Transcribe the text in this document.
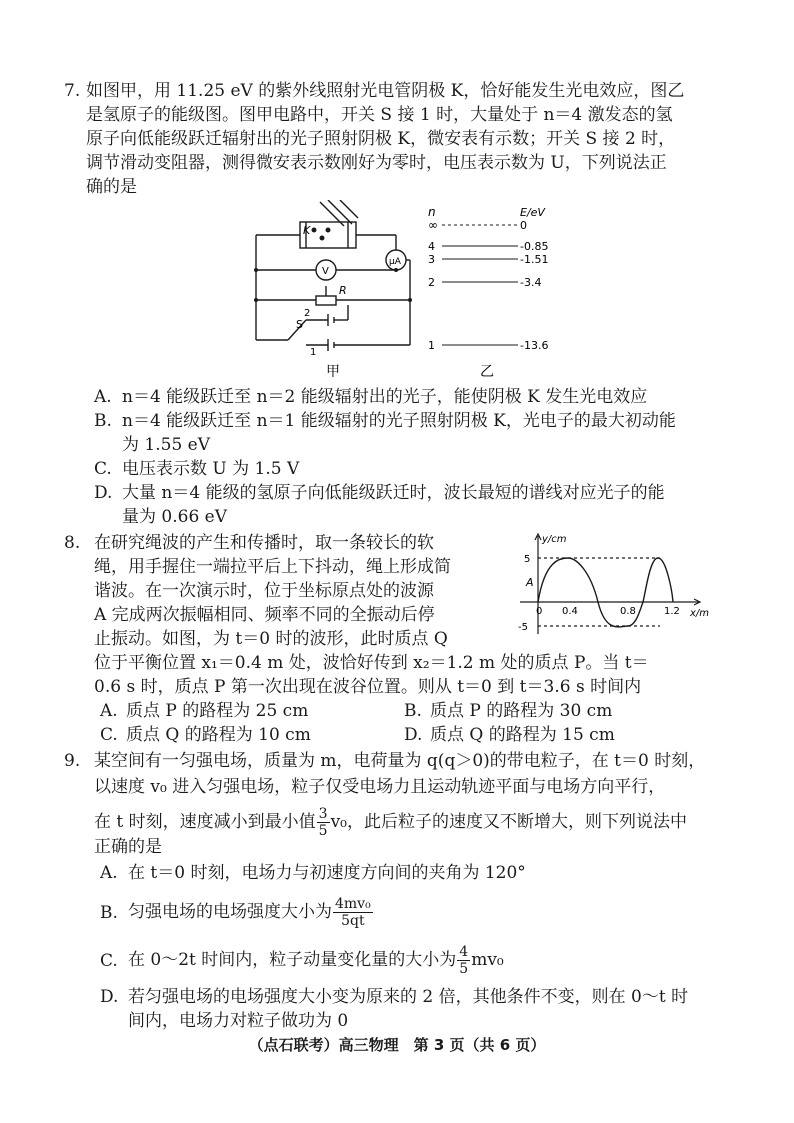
7. 如图甲，用 11.25 eV 的紫外线照射光电管阴极 K，恰好能发生光电效应，图乙
是氢原子的能级图。图甲电路中，开关 S 接 1 时，大量处于 n＝4 激发态的氢
原子向低能级跃迁辐射出的光子照射阴极 K，微安表有示数；开关 S 接 2 时，
调节滑动变阻器，测得微安表示数刚好为零时，电压表示数为 U，下列说法正
确的是
K
V
μA
R
S
2
1
甲
n	E/eV
∞	0
4	-0.85
3	-1.51
2	-3.4
1	-13.6
乙
A. n＝4 能级跃迁至 n＝2 能级辐射出的光子，能使阴极 K 发生光电效应
B. n＝4 能级跃迁至 n＝1 能级辐射的光子照射阴极 K，光电子的最大初动能
为 1.55 eV
C. 电压表示数 U 为 1.5 V
D. 大量 n＝4 能级的氢原子向低能级跃迁时，波长最短的谱线对应光子的能
量为 0.66 eV
8. 在研究绳波的产生和传播时，取一条较长的软
绳，用手握住一端拉平后上下抖动，绳上形成简
谐波。在一次演示时，位于坐标原点处的波源
A 完成两次振幅相同、频率不同的全振动后停
止振动。如图，为 t＝0 时的波形，此时质点 Q
位于平衡位置 x₁＝0.4 m 处，波恰好传到 x₂＝1.2 m 处的质点 P。当 t＝
0.6 s 时，质点 P 第一次出现在波谷位置。则从 t＝0 到 t＝3.6 s 时间内
y/cm
x/m
5
-5
A
0 0.4	0.8	1.2
A. 质点 P 的路程为 25 cm	B. 质点 P 的路程为 30 cm
C. 质点 Q 的路程为 10 cm	D. 质点 Q 的路程为 15 cm
9. 某空间有一匀强电场，质量为 m，电荷量为 q(q＞0)的带电粒子，在 t＝0 时刻，
以速度 v₀ 进入匀强电场，粒子仅受电场力且运动轨迹平面与电场方向平行，
在 t 时刻，速度减小到最小值 $\frac{3}{5} v_0$，此后粒子的速度又不断增大，则下列说法中
正确的是
A. 在 t＝0 时刻，电场力与初速度方向间的夹角为 120°
B. 匀强电场的电场强度大小为 $\frac{\text{4mv₀}}{5qt}$
C. 在 0～2t 时间内，粒子动量变化量的大小为 $\frac{4}{5} mv_0$
D. 若匀强电场的电场强度大小变为原来的 2 倍，其他条件不变，则在 0～t 时
间内，电场力对粒子做功为 0
（点石联考）高三物理　第 3 页（共 6 页）
